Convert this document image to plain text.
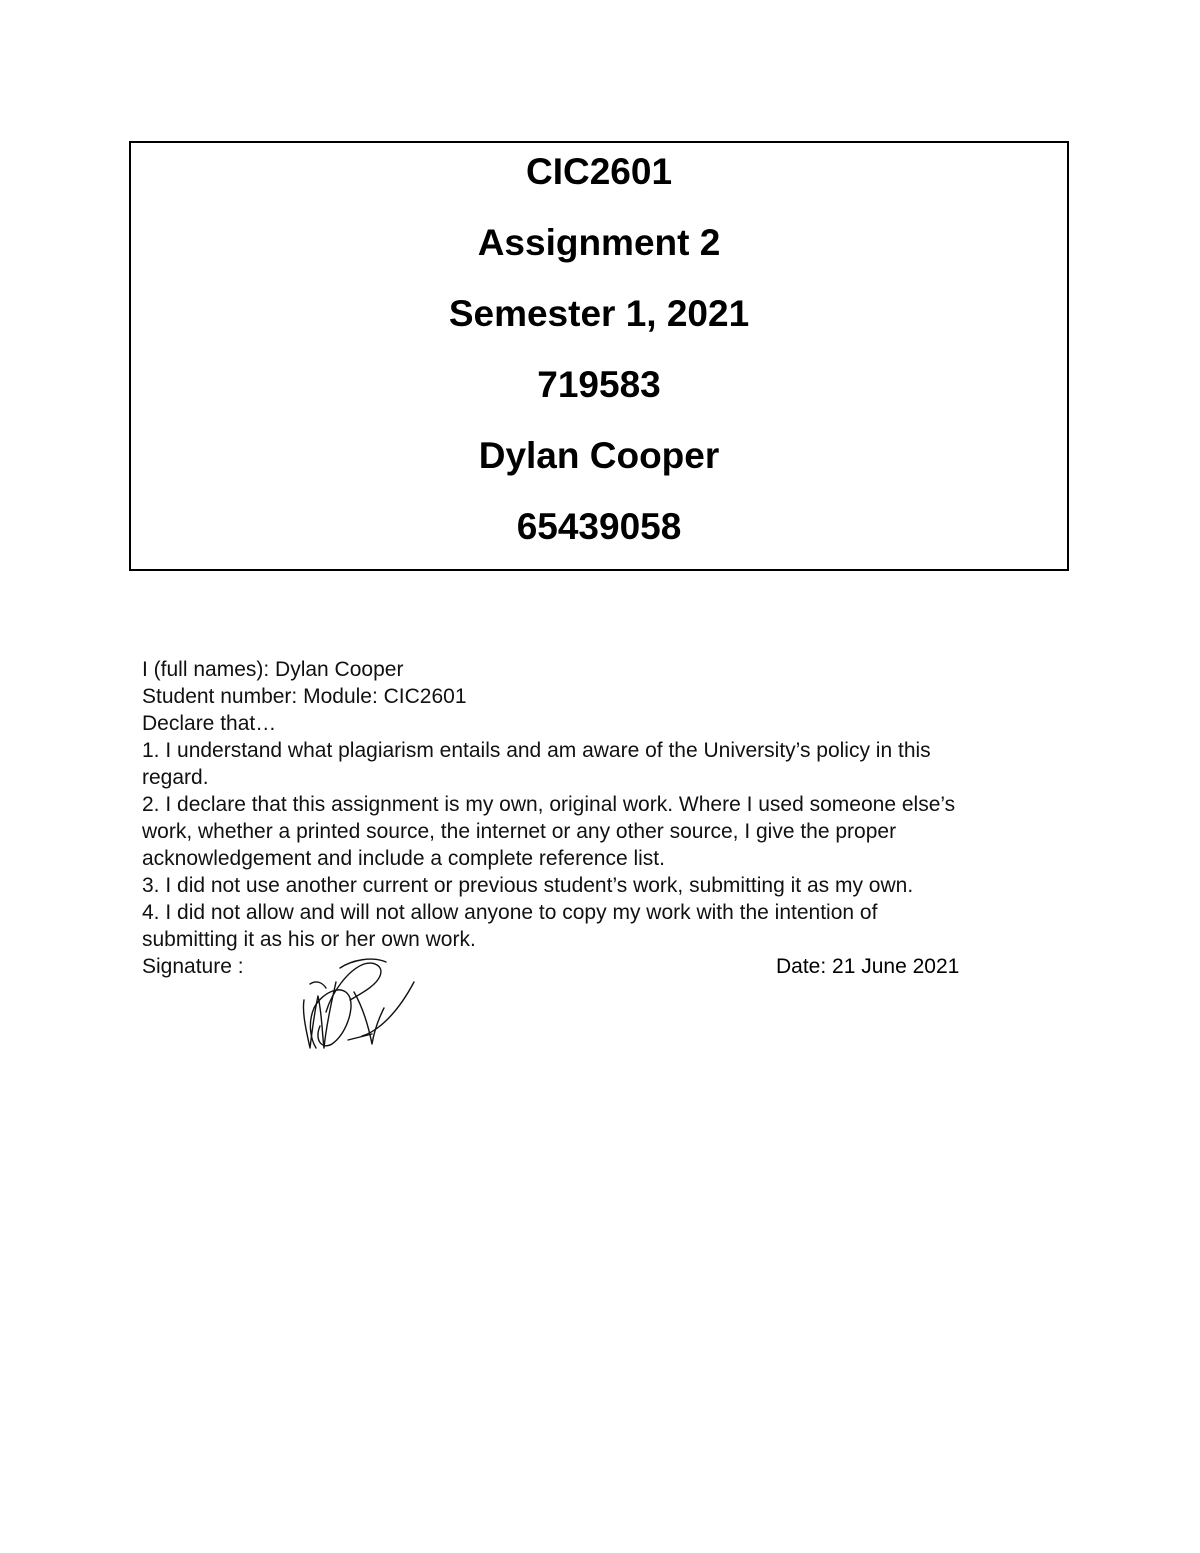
CIC2601
Assignment 2
Semester 1, 2021
719583
Dylan Cooper
65439058
I (full names): Dylan Cooper
Student number: Module: CIC2601
Declare that…
1. I understand what plagiarism entails and am aware of the University’s policy in this
regard.
2. I declare that this assignment is my own, original work. Where I used someone else’s
work, whether a printed source, the internet or any other source, I give the proper
acknowledgement and include a complete reference list.
3. I did not use another current or previous student’s work, submitting it as my own.
4. I did not allow and will not allow anyone to copy my work with the intention of
submitting it as his or her own work.
Signature :	Date: 21 June 2021
